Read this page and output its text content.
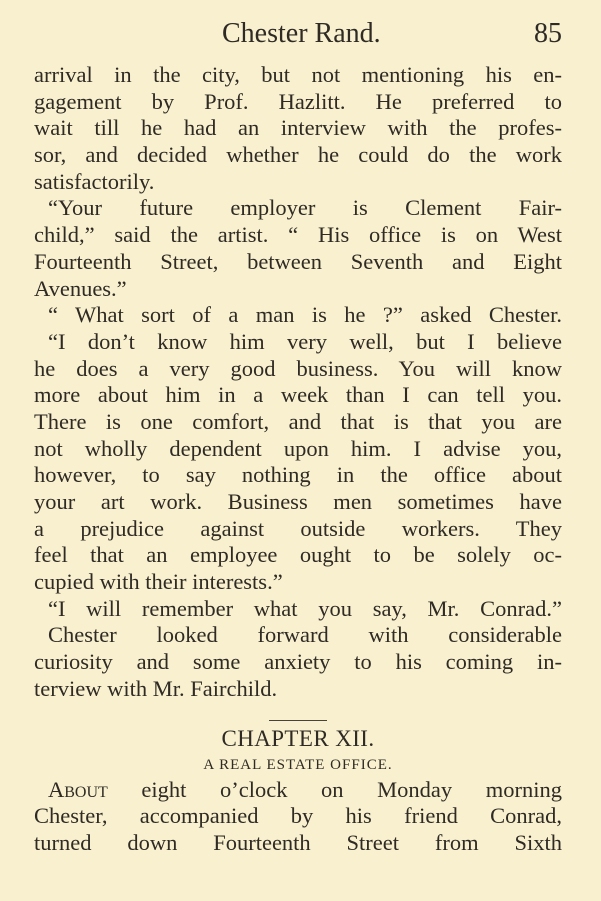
Chester Rand.	85
arrival in the city, but not mentioning his en-
gagement by Prof. Hazlitt. He preferred to
wait till he had an interview with the profes-
sor, and decided whether he could do the work
satisfactorily.
“Your future employer is Clement Fair-
child,” said the artist. “ His office is on West
Fourteenth Street, between Seventh and Eight
Avenues.”
“ What sort of a man is he ?” asked Chester.
“I don’t know him very well, but I believe
he does a very good business. You will know
more about him in a week than I can tell you.
There is one comfort, and that is that you are
not wholly dependent upon him. I advise you,
however, to say nothing in the office about
your art work. Business men sometimes have
a prejudice against outside workers. They
feel that an employee ought to be solely oc-
cupied with their interests.”
“I will remember what you say, Mr. Conrad.”
Chester looked forward with considerable
curiosity and some anxiety to his coming in-
terview with Mr. Fairchild.
CHAPTER XII.
A REAL ESTATE OFFICE.
About eight o’clock on Monday morning
Chester, accompanied by his friend Conrad,
turned down Fourteenth Street from Sixth
